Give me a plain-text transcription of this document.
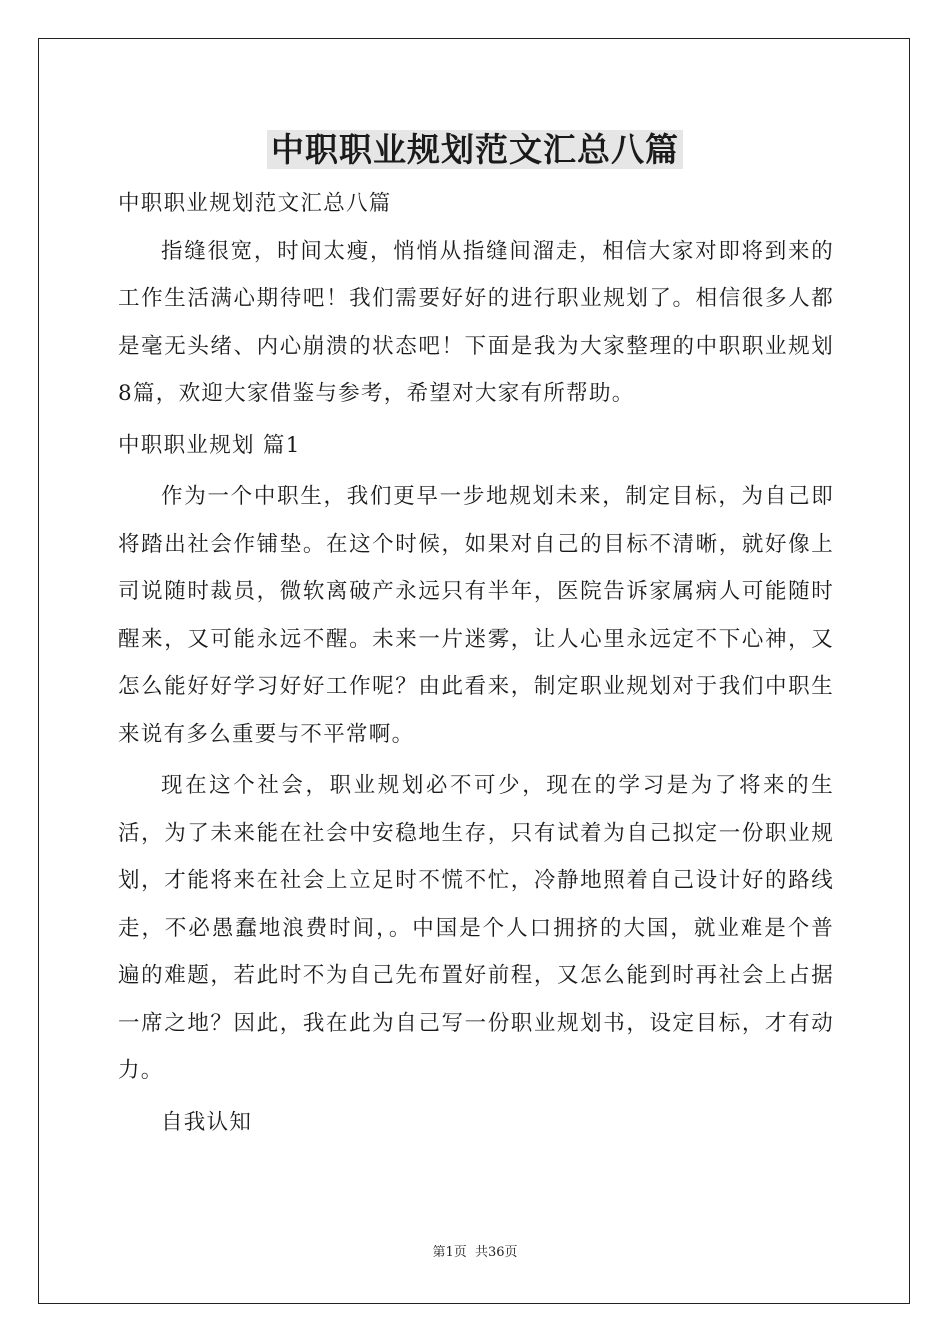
中职职业规划范文汇总八篇

中职职业规划范文汇总八篇

指缝很宽，时间太瘦，悄悄从指缝间溜走，相信大家对即将到来的工作生活满心期待吧！我们需要好好的进行职业规划了。相信很多人都是毫无头绪、内心崩溃的状态吧！下面是我为大家整理的中职职业规划8篇，欢迎大家借鉴与参考，希望对大家有所帮助。

中职职业规划 篇1

作为一个中职生，我们更早一步地规划未来，制定目标，为自己即将踏出社会作铺垫。在这个时候，如果对自己的目标不清晰，就好像上司说随时裁员，微软离破产永远只有半年，医院告诉家属病人可能随时醒来，又可能永远不醒。未来一片迷雾，让人心里永远定不下心神，又怎么能好好学习好好工作呢？由此看来，制定职业规划对于我们中职生来说有多么重要与不平常啊。

现在这个社会，职业规划必不可少，现在的学习是为了将来的生活，为了未来能在社会中安稳地生存，只有试着为自己拟定一份职业规划，才能将来在社会上立足时不慌不忙，冷静地照着自己设计好的路线走，不必愚蠢地浪费时间，。中国是个人口拥挤的大国，就业难是个普遍的难题，若此时不为自己先布置好前程，又怎么能到时再社会上占据一席之地？因此，我在此为自己写一份职业规划书，设定目标，才有动力。

自我认知

第1页 共36页
